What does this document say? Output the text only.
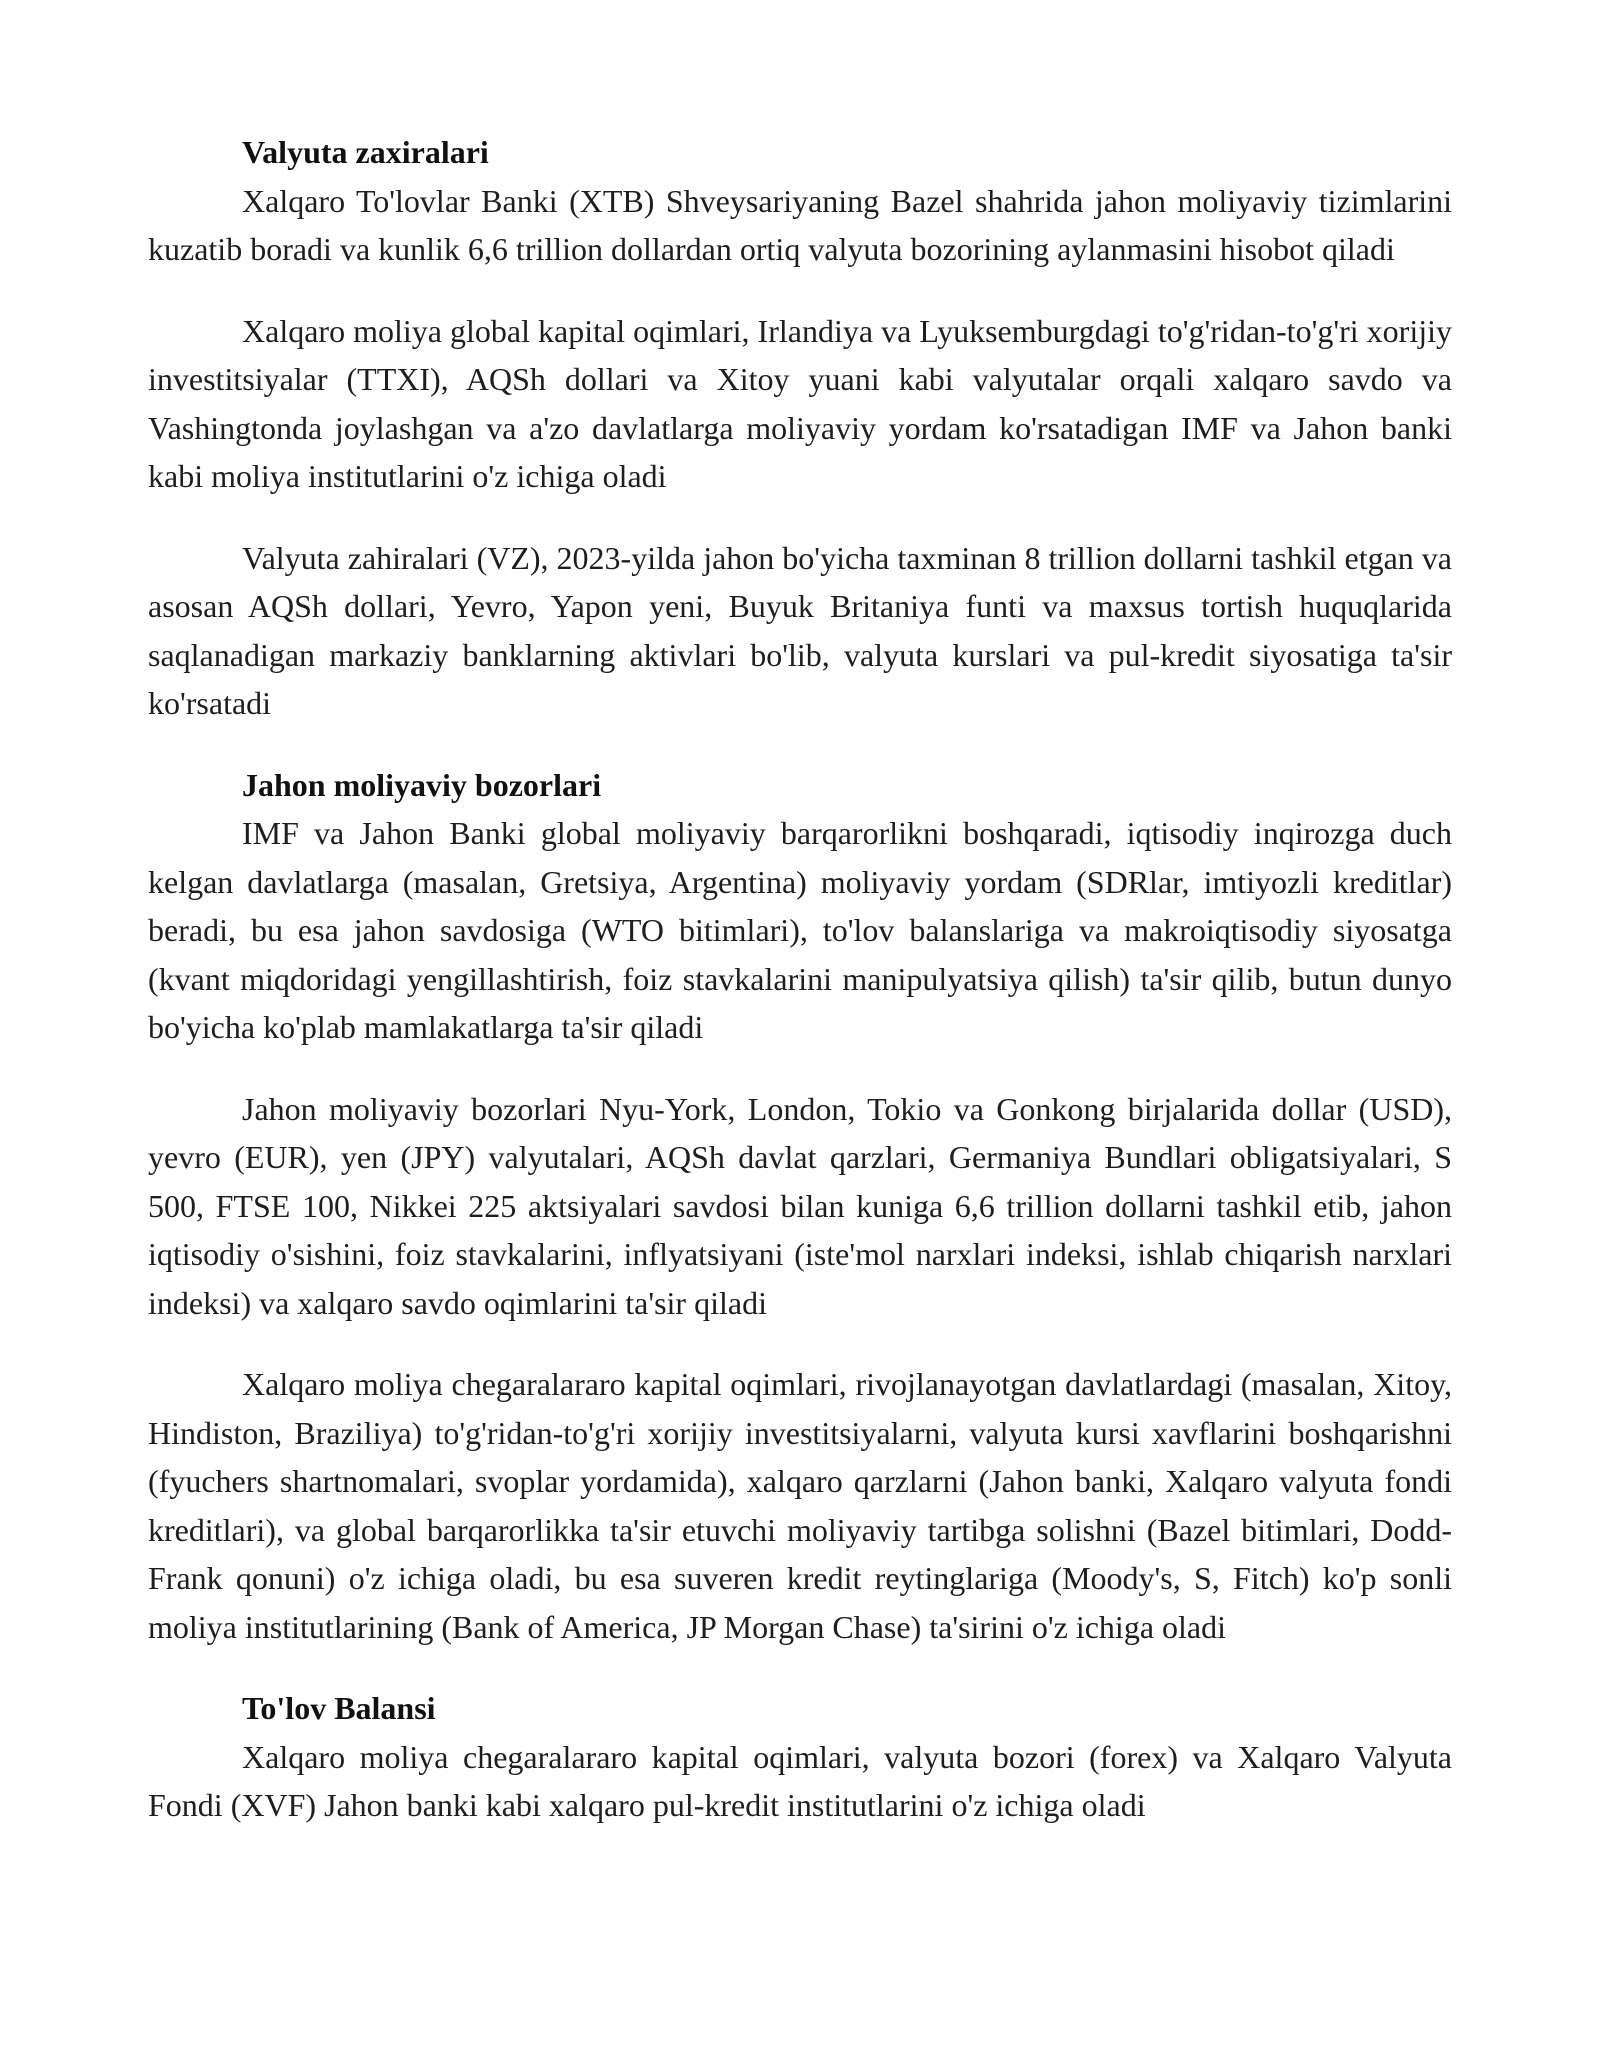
Valyuta zaxiralari

Xalqaro To'lovlar Banki (XTB) Shveysariyaning Bazel shahrida jahon moliyaviy tizimlarini kuzatib boradi va kunlik 6,6 trillion dollardan ortiq valyuta bozorining aylanmasini hisobot qiladi

Xalqaro moliya global kapital oqimlari, Irlandiya va Lyuksemburgdagi to'g'ridan-to'g'ri xorijiy investitsiyalar (TTXI), AQSh dollari va Xitoy yuani kabi valyutalar orqali xalqaro savdo va Vashingtonda joylashgan va a'zo davlatlarga moliyaviy yordam ko'rsatadigan IMF va Jahon banki kabi moliya institutlarini o'z ichiga oladi

Valyuta zahiralari (VZ), 2023-yilda jahon bo'yicha taxminan 8 trillion dollarni tashkil etgan va asosan AQSh dollari, Yevro, Yapon yeni, Buyuk Britaniya funti va maxsus tortish huquqlarida saqlanadigan markaziy banklarning aktivlari bo'lib, valyuta kurslari va pul-kredit siyosatiga ta'sir ko'rsatadi

Jahon moliyaviy bozorlari

IMF va Jahon Banki global moliyaviy barqarorlikni boshqaradi, iqtisodiy inqirozga duch kelgan davlatlarga (masalan, Gretsiya, Argentina) moliyaviy yordam (SDRlar, imtiyozli kreditlar) beradi, bu esa jahon savdosiga (WTO bitimlari), to'lov balanslariga va makroiqtisodiy siyosatga (kvant miqdoridagi yengillashtirish, foiz stavkalarini manipulyatsiya qilish) ta'sir qilib, butun dunyo bo'yicha ko'plab mamlakatlarga ta'sir qiladi

Jahon moliyaviy bozorlari Nyu-York, London, Tokio va Gonkong birjalarida dollar (USD), yevro (EUR), yen (JPY) valyutalari, AQSh davlat qarzlari, Germaniya Bundlari obligatsiyalari, S 500, FTSE 100, Nikkei 225 aktsiyalari savdosi bilan kuniga 6,6 trillion dollarni tashkil etib, jahon iqtisodiy o'sishini, foiz stavkalarini, inflyatsiyani (iste'mol narxlari indeksi, ishlab chiqarish narxlari indeksi) va xalqaro savdo oqimlarini ta'sir qiladi

Xalqaro moliya chegaralararo kapital oqimlari, rivojlanayotgan davlatlardagi (masalan, Xitoy, Hindiston, Braziliya) to'g'ridan-to'g'ri xorijiy investitsiyalarni, valyuta kursi xavflarini boshqarishni (fyuchers shartnomalari, svoplar yordamida), xalqaro qarzlarni (Jahon banki, Xalqaro valyuta fondi kreditlari), va global barqarorlikka ta'sir etuvchi moliyaviy tartibga solishni (Bazel bitimlari, Dodd-Frank qonuni) o'z ichiga oladi, bu esa suveren kredit reytinglariga (Moody's, S, Fitch) ko'p sonli moliya institutlarining (Bank of America, JP Morgan Chase) ta'sirini o'z ichiga oladi

To'lov Balansi

Xalqaro moliya chegaralararo kapital oqimlari, valyuta bozori (forex) va Xalqaro Valyuta Fondi (XVF) Jahon banki kabi xalqaro pul-kredit institutlarini o'z ichiga oladi
